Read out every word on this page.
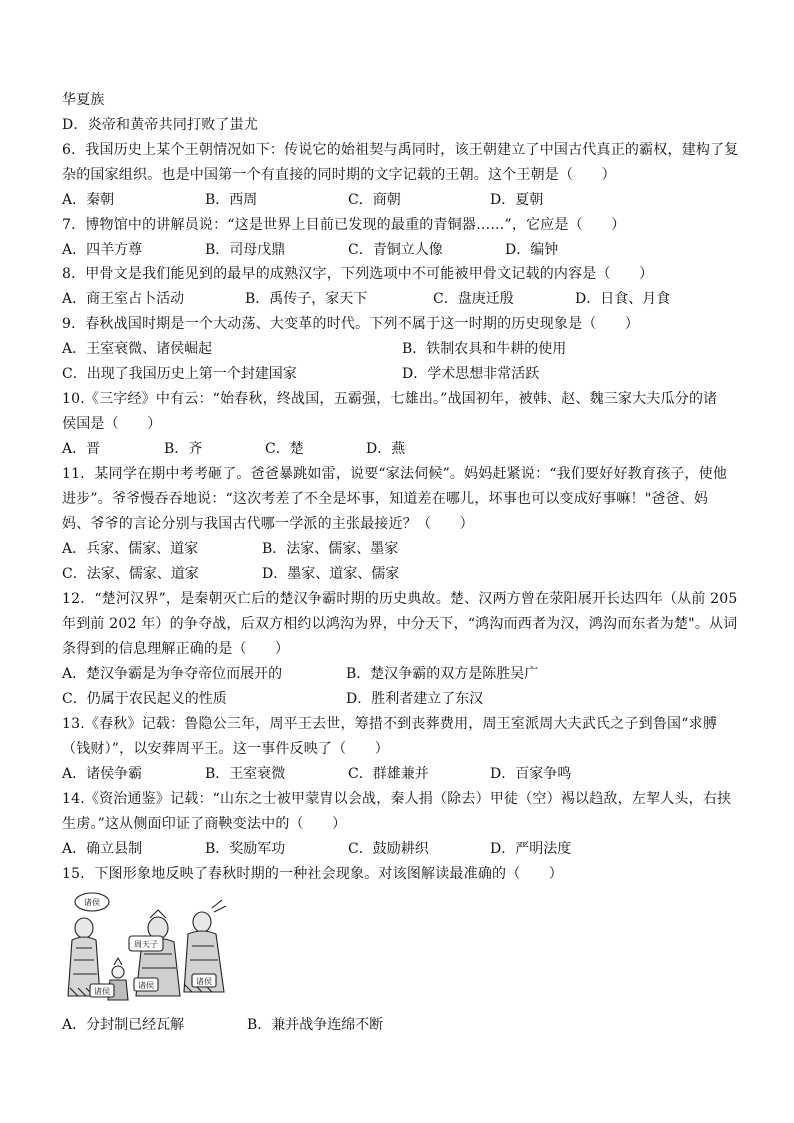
华夏族
D．炎帝和黄帝共同打败了蚩尤
6．我国历史上某个王朝情况如下：传说它的始祖契与禹同时，该王朝建立了中国古代真正的霸权，建构了复
杂的国家组织。也是中国第一个有直接的同时期的文字记载的王朝。这个王朝是（　　）
A．秦朝	B．西周	C．商朝	D．夏朝
7．博物馆中的讲解员说：“这是世界上目前已发现的最重的青铜器……”，它应是（　　）
A．四羊方尊	B．司母戊鼎	C．青铜立人像	D．编钟
8．甲骨文是我们能见到的最早的成熟汉字，下列选项中不可能被甲骨文记载的内容是（　　）
A．商王室占卜活动	B．禹传子，家天下	C．盘庚迁殷	D．日食、月食
9．春秋战国时期是一个大动荡、大变革的时代。下列不属于这一时期的历史现象是（　　）
A．王室衰微、诸侯崛起	B．铁制农具和牛耕的使用
C．出现了我国历史上第一个封建国家	D．学术思想非常活跃
10.《三字经》中有云：“始春秋，终战国，五霸强，七雄出。”战国初年，被韩、赵、魏三家大夫瓜分的诸
侯国是（　　）
A．晋	B．齐	C．楚	D．燕
11．某同学在期中考考砸了。爸爸暴跳如雷，说要“家法伺候”。妈妈赶紧说：“我们要好好教育孩子，使他
进步”。爷爷慢吞吞地说：“这次考差了不全是坏事，知道差在哪儿，坏事也可以变成好事嘛！"爸爸、妈
妈、爷爷的言论分别与我国古代哪一学派的主张最接近？（　　）
A．兵家、儒家、道家	B．法家、儒家、墨家
C．法家、儒家、道家	D．墨家、道家、儒家
12．“楚河汉界”，是秦朝灭亡后的楚汉争霸时期的历史典故。楚、汉两方曾在荥阳展开长达四年（从前 205
年到前 202 年）的争夺战，后双方相约以鸿沟为界，中分天下，“鸿沟而西者为汉，鸿沟而东者为楚"。从词
条得到的信息理解正确的是（　　）
A．楚汉争霸是为争夺帝位而展开的	B．楚汉争霸的双方是陈胜吴广
C．仍属于农民起义的性质	D．胜利者建立了东汉
13.《春秋》记载：鲁隐公三年，周平王去世，筹措不到丧葬费用，周王室派周大夫武氏之子到鲁国“求膊
（钱财）”，以安葬周平王。这一事件反映了（　　）
A．诸侯争霸	B．王室衰微	C．群雄兼并	D．百家争鸣
14.《资治通鉴》记载：“山东之士被甲蒙胄以会战，秦人捐（除去）甲徒（空）裼以趋敌，左挈人头，右挟
生虏。”这从侧面印证了商鞅变法中的（　　）
A．确立县制	B．奖励军功	C．鼓励耕织	D．严明法度
15．下图形象地反映了春秋时期的一种社会现象。对该图解读最准确的（　　）
诸侯
周天子
诸侯
诸侯	诸侯
A．分封制已经瓦解	B．兼并战争连绵不断
